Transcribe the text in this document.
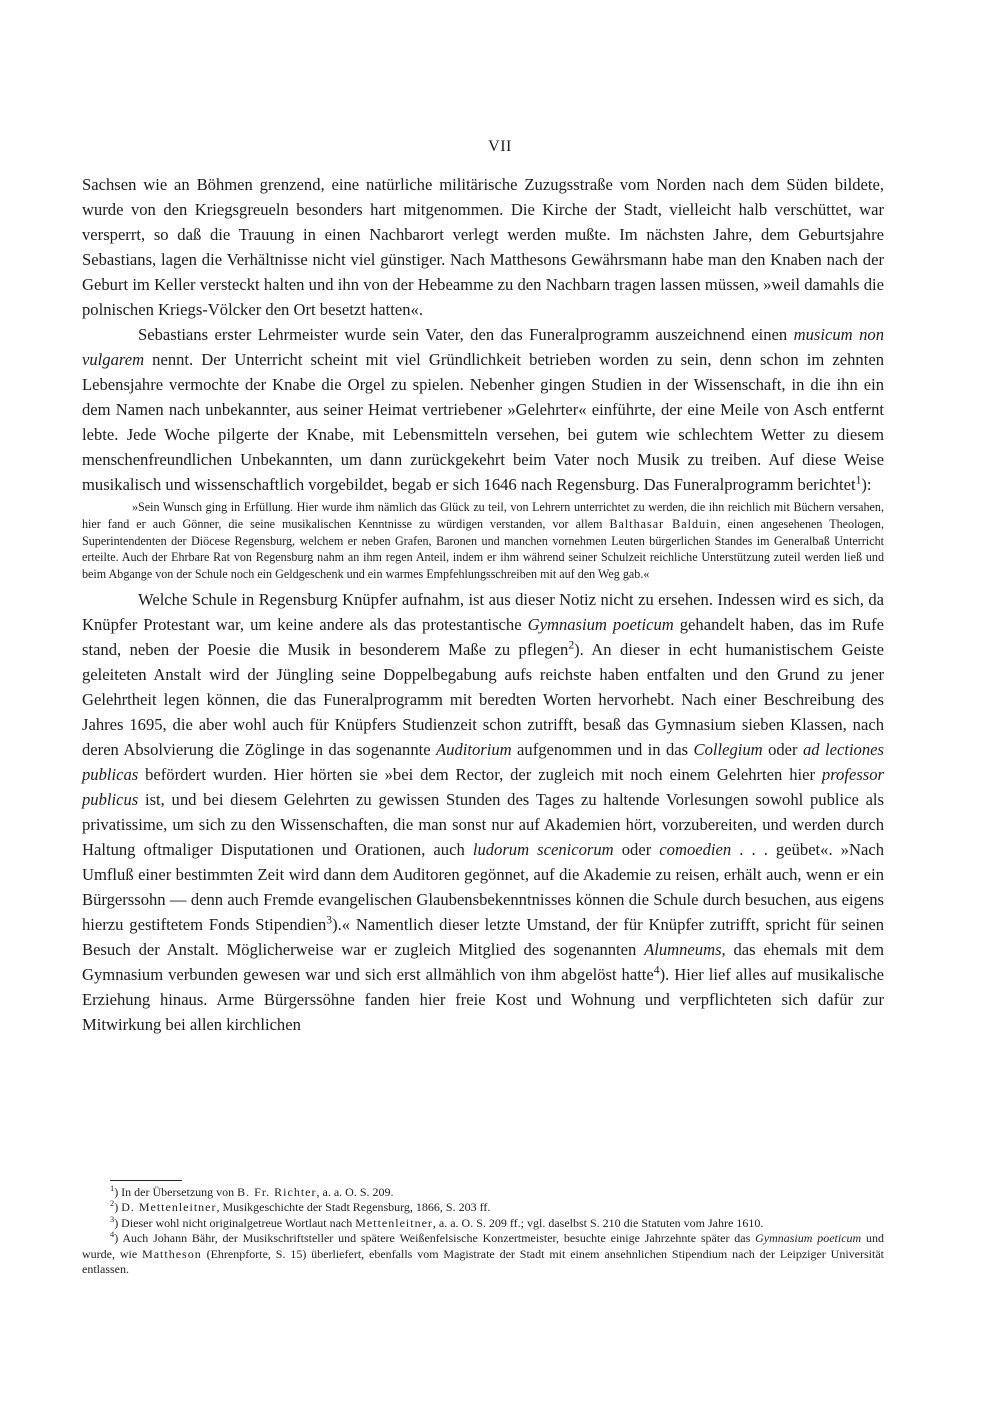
VII

Sachsen wie an Böhmen grenzend, eine natürliche militärische Zuzugsstraße vom Norden nach dem Süden bildete, wurde von den Kriegsgreueln besonders hart mitgenommen. Die Kirche der Stadt, vielleicht halb verschüttet, war versperrt, so daß die Trauung in einen Nachbarort verlegt werden mußte. Im nächsten Jahre, dem Geburtsjahre Sebastians, lagen die Verhältnisse nicht viel günstiger. Nach Matthesons Gewährsmann habe man den Knaben nach der Geburt im Keller versteckt halten und ihn von der Hebeamme zu den Nachbarn tragen lassen müssen, »weil damahls die polnischen Kriegs-Völcker den Ort besetzt hatten«.

Sebastians erster Lehrmeister wurde sein Vater, den das Funeralprogramm auszeichnend einen musicum non vulgarem nennt. Der Unterricht scheint mit viel Gründlichkeit betrieben worden zu sein, denn schon im zehnten Lebensjahre vermochte der Knabe die Orgel zu spielen. Nebenher gingen Studien in der Wissenschaft, in die ihn ein dem Namen nach unbekannter, aus seiner Heimat vertriebener »Gelehrter« einführte, der eine Meile von Asch entfernt lebte. Jede Woche pilgerte der Knabe, mit Lebensmitteln versehen, bei gutem wie schlechtem Wetter zu diesem menschenfreundlichen Unbekannten, um dann zurückgekehrt beim Vater noch Musik zu treiben. Auf diese Weise musikalisch und wissenschaftlich vorgebildet, begab er sich 1646 nach Regensburg. Das Funeralprogramm berichtet$^1$):

»Sein Wunsch ging in Erfüllung. Hier wurde ihm nämlich das Glück zu teil, von Lehrern unterrichtet zu werden, die ihn reichlich mit Büchern versahen, hier fand er auch Gönner, die seine musikalischen Kenntnisse zu würdigen verstanden, vor allem Balthasar Balduin, einen angesehenen Theologen, Superintendenten der Diöcese Regensburg, welchem er neben Grafen, Baronen und manchen vornehmen Leuten bürgerlichen Standes im Generalbaß Unterricht erteilte. Auch der Ehrbare Rat von Regensburg nahm an ihm regen Anteil, indem er ihm während seiner Schulzeit reichliche Unterstützung zuteil werden ließ und beim Abgange von der Schule noch ein Geldgeschenk und ein warmes Empfehlungsschreiben mit auf den Weg gab.«

Welche Schule in Regensburg Knüpfer aufnahm, ist aus dieser Notiz nicht zu ersehen. Indessen wird es sich, da Knüpfer Protestant war, um keine andere als das protestantische Gymnasium poeticum gehandelt haben, das im Rufe stand, neben der Poesie die Musik in besonderem Maße zu pflegen$^2$). An dieser in echt humanistischem Geiste geleiteten Anstalt wird der Jüngling seine Doppelbegabung aufs reichste haben entfalten und den Grund zu jener Gelehrtheit legen können, die das Funeralprogramm mit beredten Worten hervorhebt. Nach einer Beschreibung des Jahres 1695, die aber wohl auch für Knüpfers Studienzeit schon zutrifft, besaß das Gymnasium sieben Klassen, nach deren Absolvierung die Zöglinge in das sogenannte Auditorium aufgenommen und in das Collegium oder ad lectiones publicas befördert wurden. Hier hörten sie »bei dem Rector, der zugleich mit noch einem Gelehrten hier professor publicus ist, und bei diesem Gelehrten zu gewissen Stunden des Tages zu haltende Vorlesungen sowohl publice als privatissime, um sich zu den Wissenschaften, die man sonst nur auf Akademien hört, vorzubereiten, und werden durch Haltung oftmaliger Disputationen und Orationen, auch ludorum scenicorum oder comoedien . . . geübet«. »Nach Umfluß einer bestimmten Zeit wird dann dem Auditoren gegönnet, auf die Akademie zu reisen, erhält auch, wenn er ein Bürgerssohn — denn auch Fremde evangelischen Glaubensbekenntnisses können die Schule durch besuchen, aus eigens hierzu gestiftetem Fonds Stipendien$^3$).« Namentlich dieser letzte Umstand, der für Knüpfer zutrifft, spricht für seinen Besuch der Anstalt. Möglicherweise war er zugleich Mitglied des sogenannten Alumneums, das ehemals mit dem Gymnasium verbunden gewesen war und sich erst allmählich von ihm abgelöst hatte$^4$). Hier lief alles auf musikalische Erziehung hinaus. Arme Bürgerssöhne fanden hier freie Kost und Wohnung und verpflichteten sich dafür zur Mitwirkung bei allen kirchlichen

$^1$) In der Übersetzung von B. Fr. Richter, a. a. O. S. 209.

$^2$) D. Mettenleitner, Musikgeschichte der Stadt Regensburg, 1866, S. 203 ff.

$^3$) Dieser wohl nicht originalgetreue Wortlaut nach Mettenleitner, a. a. O. S. 209 ff.; vgl. daselbst S. 210 die Statuten vom Jahre 1610.

$^4$) Auch Johann Bähr, der Musikschriftsteller und spätere Weißenfelsische Konzertmeister, besuchte einige Jahrzehnte später das Gymnasium poeticum und wurde, wie Mattheson (Ehrenpforte, S. 15) überliefert, ebenfalls vom Magistrate der Stadt mit einem ansehnlichen Stipendium nach der Leipziger Universität entlassen.
